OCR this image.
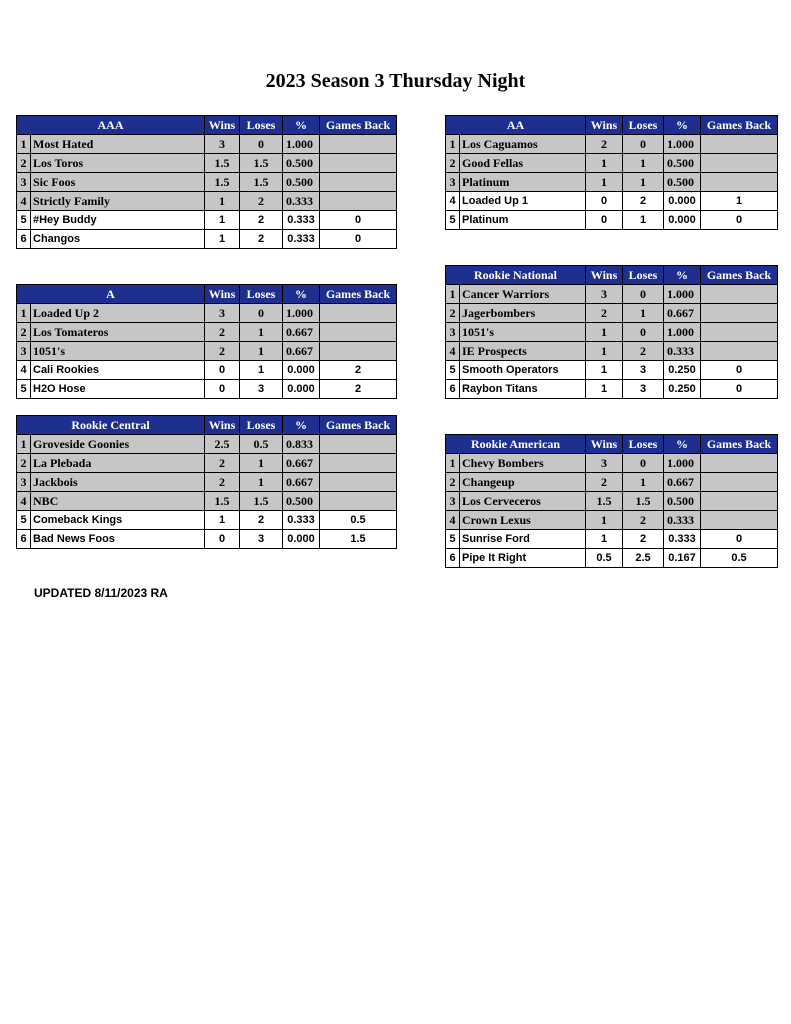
2023 Season 3 Thursday Night
AAA		Wins	Loses	%	Games Back
1	Most Hated	3	0	1.000	
2	Los Toros	1.5	1.5	0.500	
3	Sic Foos	1.5	1.5	0.500	
4	Strictly Family	1	2	0.333	
5	#Hey Buddy	1	2	0.333	0
6	Changos	1	2	0.333	0
AA		Wins	Loses	%	Games Back
1	Los Caguamos	2	0	1.000	
2	Good Fellas	1	1	0.500	
3	Platinum	1	1	0.500	
4	Loaded Up 1	0	2	0.000	1
5	Platinum	0	1	0.000	0
A		Wins	Loses	%	Games Back
1	Loaded Up 2	3	0	1.000	
2	Los Tomateros	2	1	0.667	
3	1051's	2	1	0.667	
4	Cali Rookies	0	1	0.000	2
5	H2O Hose	0	3	0.000	2
Rookie National		Wins	Loses	%	Games Back
1	Cancer Warriors	3	0	1.000	
2	Jagerbombers	2	1	0.667	
3	1051's	1	0	1.000	
4	IE Prospects	1	2	0.333	
5	Smooth Operators	1	3	0.250	0
6	Raybon Titans	1	3	0.250	0
Rookie Central		Wins	Loses	%	Games Back
1	Groveside Goonies	2.5	0.5	0.833	
2	La Plebada	2	1	0.667	
3	Jackbois	2	1	0.667	
4	NBC	1.5	1.5	0.500	
5	Comeback Kings	1	2	0.333	0.5
6	Bad News Foos	0	3	0.000	1.5
Rookie American		Wins	Loses	%	Games Back
1	Chevy Bombers	3	0	1.000	
2	Changeup	2	1	0.667	
3	Los Cerveceros	1.5	1.5	0.500	
4	Crown Lexus	1	2	0.333	
5	Sunrise Ford	1	2	0.333	0
6	Pipe It Right	0.5	2.5	0.167	0.5
UPDATED 8/11/2023 RA
